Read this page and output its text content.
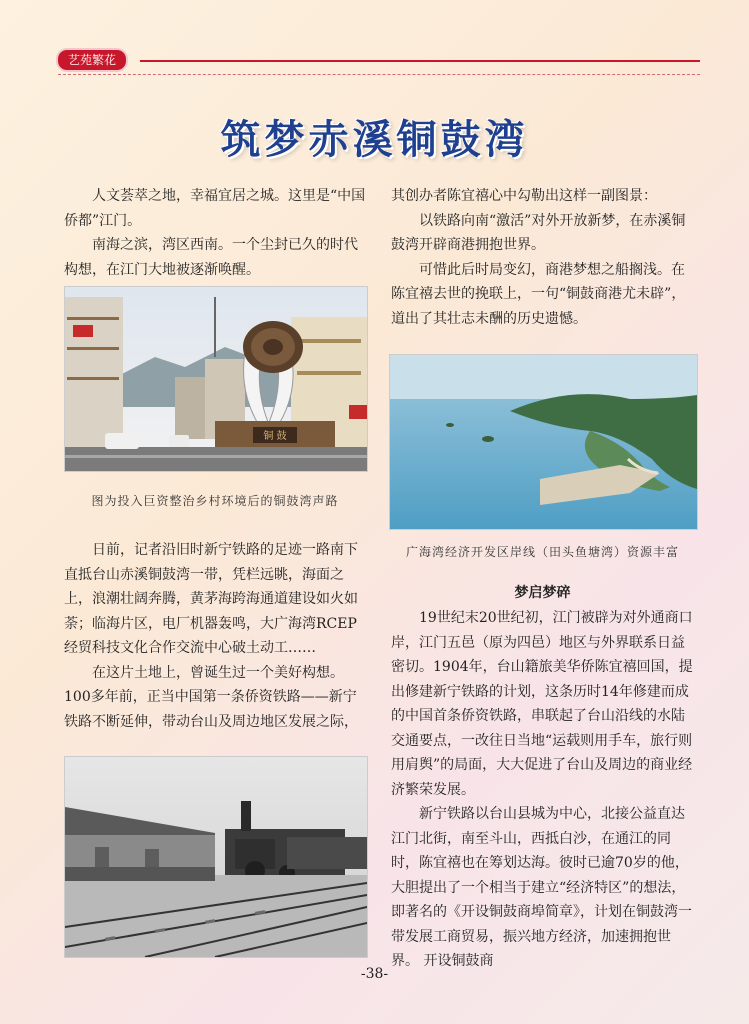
艺苑繁花
筑梦赤溪铜鼓湾

人文荟萃之地，幸福宜居之城。这里是“中国侨都”江门。

南海之滨，湾区西南。一个尘封已久的时代构想，在江门大地被逐渐唤醒。

铜 鼓
图为投入巨资整治乡村环境后的铜鼓湾声路

日前，记者沿旧时新宁铁路的足迹一路南下直抵台山赤溪铜鼓湾一带，凭栏远眺，海面之上，浪潮壮阔奔腾，黄茅海跨海通道建设如火如荼；临海片区，电厂机器轰鸣，大广海湾RCEP经贸科技文化合作交流中心破土动工……

在这片土地上，曾诞生过一个美好构想。100多年前，正当中国第一条侨资铁路——新宁铁路不断延伸，带动台山及周边地区发展之际，

其创办者陈宜禧心中勾勒出这样一副图景：

以铁路向南“激活”对外开放新梦，在赤溪铜鼓湾开辟商港拥抱世界。

可惜此后时局变幻，商港梦想之船搁浅。在陈宜禧去世的挽联上，一句“铜鼓商港尤未辟”，道出了其壮志未酬的历史遗憾。

广海湾经济开发区岸线（田头鱼塘湾）资源丰富
梦启梦碎

19世纪末20世纪初，江门被辟为对外通商口岸，江门五邑（原为四邑）地区与外界联系日益密切。1904年，台山籍旅美华侨陈宜禧回国，提出修建新宁铁路的计划，这条历时14年修建而成的中国首条侨资铁路，串联起了台山沿线的水陆交通要点，一改往日当地“运载则用手车，旅行则用肩舆”的局面，大大促进了台山及周边的商业经济繁荣发展。

新宁铁路以台山县城为中心，北接公益直达江门北街，南至斗山，西抵白沙，在通江的同时，陈宜禧也在筹划达海。彼时已逾70岁的他，大胆提出了一个相当于建立“经济特区”的想法，即著名的《开设铜鼓商埠简章》，计划在铜鼓湾一带发展工商贸易，振兴地方经济，加速拥抱世界。 开设铜鼓商

-38-
